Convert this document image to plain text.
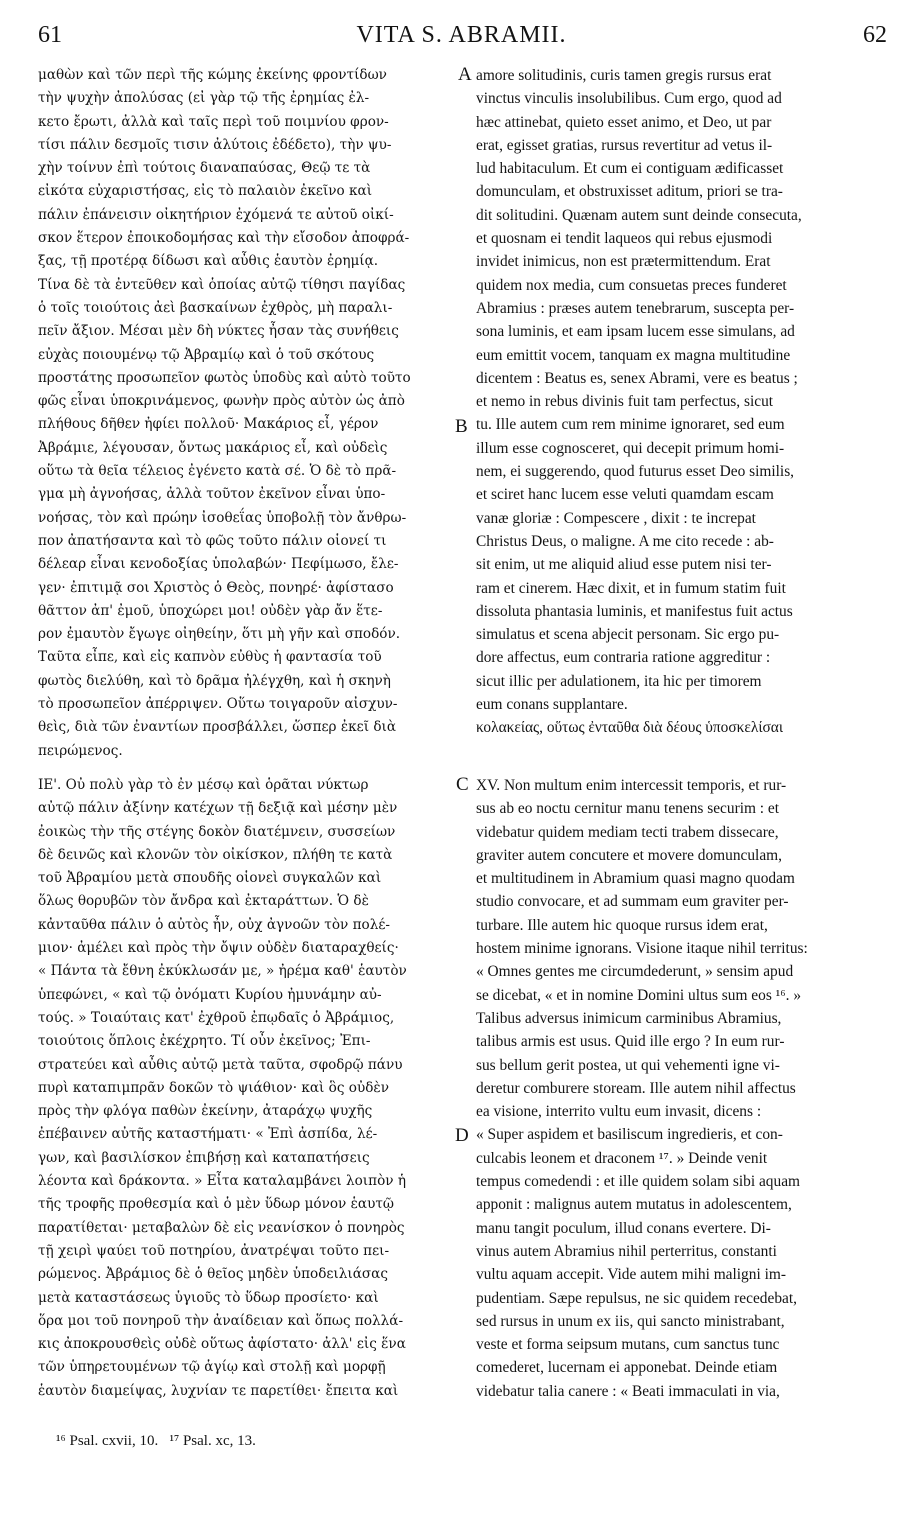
61	VITA S. ABRAMII.	62
A
B
C
D
μαθὼν καὶ τῶν περὶ τῆς κώμης ἐκείνης φροντίδων
τὴν ψυχὴν ἀπολύσας (εἰ γὰρ τῷ τῆς ἐρημίας ἐλ-
κετο ἔρωτι, ἀλλὰ καὶ ταῖς περὶ τοῦ ποιμνίου φρον-
τίσι πάλιν δεσμοῖς τισιν ἀλύτοις ἐδέδετο), τὴν ψυ-
χὴν τοίνυν ἐπὶ τούτοις διαναπαύσας, Θεῷ τε τὰ
εἰκότα εὐχαριστήσας, εἰς τὸ παλαιὸν ἐκεῖνο καὶ
πάλιν ἐπάνεισιν οἰκητήριον ἐχόμενά τε αὐτοῦ οἰκί-
σκον ἕτερον ἐποικοδομήσας καὶ τὴν εἴσοδον ἀποφρά-
ξας, τῇ προτέρᾳ δίδωσι καὶ αὖθις ἑαυτὸν ἐρημίᾳ.
Τίνα δὲ τὰ ἐντεῦθεν καὶ ὁποίας αὐτῷ τίθησι παγίδας
ὁ τοῖς τοιούτοις ἀεὶ βασκαίνων ἐχθρὸς, μὴ παραλι-
πεῖν ἄξιον. Μέσαι μὲν δὴ νύκτες ἦσαν τὰς συνήθεις
εὐχὰς ποιουμένῳ τῷ Ἀβραμίῳ καὶ ὁ τοῦ σκότους
προστάτης προσωπεῖον φωτὸς ὑποδὺς καὶ αὐτὸ τοῦτο
φῶς εἶναι ὑποκρινάμενος, φωνὴν πρὸς αὐτὸν ὡς ἀπὸ
πλήθους δῆθεν ἠφίει πολλοῦ· Μακάριος εἶ, γέρον
Ἀβράμιε, λέγουσαν, ὄντως μακάριος εἶ, καὶ οὐδεὶς
οὕτω τὰ θεῖα τέλειος ἐγένετο κατὰ σέ. Ὁ δὲ τὸ πρᾶ-
γμα μὴ ἀγνοήσας, ἀλλὰ τοῦτον ἐκεῖνον εἶναι ὑπο-
νοήσας, τὸν καὶ πρώην ἰσοθεΐας ὑποβολῇ τὸν ἄνθρω-
πον ἀπατήσαντα καὶ τὸ φῶς τοῦτο πάλιν οἱονεί τι
δέλεαρ εἶναι κενοδοξίας ὑπολαβών· Πεφίμωσο, ἔλε-
γεν· ἐπιτιμᾷ σοι Χριστὸς ὁ Θεὸς, πονηρέ· ἀφίστασο
θᾶττον ἀπ' ἐμοῦ, ὑποχώρει μοι! οὐδὲν γὰρ ἄν ἕτε-
ρον ἐμαυτὸν ἔγωγε οἰηθείην, ὅτι μὴ γῆν καὶ σποδόν.
Ταῦτα εἶπε, καὶ εἰς καπνὸν εὐθὺς ἡ φαντασία τοῦ
φωτὸς διελύθη, καὶ τὸ δρᾶμα ἠλέγχθη, καὶ ἡ σκηνὴ
τὸ προσωπεῖον ἀπέρριψεν. Οὕτω τοιγαροῦν αἰσχυν-
θεὶς, διὰ τῶν ἐναντίων προσβάλλει, ὥσπερ ἐκεῖ διὰ
πειρώμενος.
amore solitudinis, curis tamen gregis rursus erat
vinctus vinculis insolubilibus. Cum ergo, quod ad
hæc attinebat, quieto esset animo, et Deo, ut par
erat, egisset gratias, rursus revertitur ad vetus il-
lud habitaculum. Et cum ei contiguam ædificasset
domunculam, et obstruxisset aditum, priori se tra-
dit solitudini. Quænam autem sunt deinde consecuta,
et quosnam ei tendit laqueos qui rebus ejusmodi
invidet inimicus, non est prætermittendum. Erat
quidem nox media, cum consuetas preces funderet
Abramius : præses autem tenebrarum, suscepta per-
sona luminis, et eam ipsam lucem esse simulans, ad
eum emittit vocem, tanquam ex magna multitudine
dicentem : Beatus es, senex Abrami, vere es beatus ;
et nemo in rebus divinis fuit tam perfectus, sicut
tu. Ille autem cum rem minime ignoraret, sed eum
illum esse cognosceret, qui decepit primum homi-
nem, ei suggerendo, quod futurus esset Deo similis,
et sciret hanc lucem esse veluti quamdam escam
vanæ gloriæ : Compescere , dixit : te increpat
Christus Deus, o maligne. A me cito recede : ab-
sit enim, ut me aliquid aliud esse putem nisi ter-
ram et cinerem. Hæc dixit, et in fumum statim fuit
dissoluta phantasia luminis, et manifestus fuit actus
simulatus et scena abjecit personam. Sic ergo pu-
dore affectus, eum contraria ratione aggreditur :
sicut illic per adulationem, ita hic per timorem
eum conans supplantare.
κολακείας, οὕτως ἐνταῦθα διὰ δέους ὑποσκελίσαι
ΙΕ'. Οὐ πολὺ γὰρ τὸ ἐν μέσῳ καὶ ὁρᾶται νύκτωρ
αὐτῷ πάλιν ἀξίνην κατέχων τῇ δεξιᾷ καὶ μέσην μὲν
ἐοικὼς τὴν τῆς στέγης δοκὸν διατέμνειν, συσσείων
δὲ δεινῶς καὶ κλονῶν τὸν οἰκίσκον, πλήθη τε κατὰ
τοῦ Ἀβραμίου μετὰ σπουδῆς οἱονεὶ συγκαλῶν καὶ
ὅλως θορυβῶν τὸν ἄνδρα καὶ ἐκταράττων. Ὁ δὲ
κἀνταῦθα πάλιν ὁ αὐτὸς ἦν, οὐχ ἀγνοῶν τὸν πολέ-
μιον· ἀμέλει καὶ πρὸς τὴν ὄψιν οὐδὲν διαταραχθείς·
« Πάντα τὰ ἔθνη ἐκύκλωσάν με, » ἠρέμα καθ' ἑαυτὸν
ὑπεφώνει, « καὶ τῷ ὀνόματι Κυρίου ἠμυνάμην αὐ-
τούς. » Τοιαύταις κατ' ἐχθροῦ ἐπῳδαῖς ὁ Ἀβράμιος,
τοιούτοις ὅπλοις ἐκέχρητο. Τί οὖν ἐκεῖνος; Ἐπι-
στρατεύει καὶ αὖθις αὐτῷ μετὰ ταῦτα, σφοδρῷ πάνυ
πυρὶ καταπιμπρᾶν δοκῶν τὸ ψιάθιον· καὶ ὃς οὐδὲν
πρὸς τὴν φλόγα παθὼν ἐκείνην, ἀταράχῳ ψυχῆς
ἐπέβαινεν αὐτῆς καταστήματι· « Ἐπὶ ἀσπίδα, λέ-
γων, καὶ βασιλίσκον ἐπιβήσῃ καὶ καταπατήσεις
λέοντα καὶ δράκοντα. » Εἶτα καταλαμβάνει λοιπὸν ἡ
τῆς τροφῆς προθεσμία καὶ ὁ μὲν ὕδωρ μόνον ἑαυτῷ
παρατίθεται· μεταβαλὼν δὲ εἰς νεανίσκον ὁ πονηρὸς
τῇ χειρὶ ψαύει τοῦ ποτηρίου, ἀνατρέψαι τοῦτο πει-
ρώμενος. Ἀβράμιος δὲ ὁ θεῖος μηδὲν ὑποδειλιάσας
μετὰ καταστάσεως ὑγιοῦς τὸ ὕδωρ προσίετο· καὶ
ὅρα μοι τοῦ πονηροῦ τὴν ἀναίδειαν καὶ ὅπως πολλά-
κις ἀποκρουσθεὶς οὐδὲ οὕτως ἀφίστατο· ἀλλ' εἰς ἕνα
τῶν ὑπηρετουμένων τῷ ἁγίῳ καὶ στολῇ καὶ μορφῇ
ἑαυτὸν διαμείψας, λυχνίαν τε παρετίθει· ἔπειτα καὶ
XV. Non multum enim intercessit temporis, et rur-
sus ab eo noctu cernitur manu tenens securim : et
videbatur quidem mediam tecti trabem dissecare,
graviter autem concutere et movere domunculam,
et multitudinem in Abramium quasi magno quodam
studio convocare, et ad summam eum graviter per-
turbare. Ille autem hic quoque rursus idem erat,
hostem minime ignorans. Visione itaque nihil territus:
« Omnes gentes me circumdederunt, » sensim apud
se dicebat, « et in nomine Domini ultus sum eos ¹⁶. »
Talibus adversus inimicum carminibus Abramius,
talibus armis est usus. Quid ille ergo ? In eum rur-
sus bellum gerit postea, ut qui vehementi igne vi-
deretur comburere stoream. Ille autem nihil affectus
ea visione, interrito vultu eum invasit, dicens :
« Super aspidem et basiliscum ingredieris, et con-
culcabis leonem et draconem ¹⁷. » Deinde venit
tempus comedendi : et ille quidem solam sibi aquam
apponit : malignus autem mutatus in adolescentem,
manu tangit poculum, illud conans evertere. Di-
vinus autem Abramius nihil perterritus, constanti
vultu aquam accepit. Vide autem mihi maligni im-
pudentiam. Sæpe repulsus, ne sic quidem recedebat,
sed rursus in unum ex iis, qui sancto ministrabant,
veste et forma seipsum mutans, cum sanctus tunc
comederet, lucernam ei apponebat. Deinde etiam
videbatur talia canere : « Beati immaculati in via,
¹⁶ Psal. cxvii, 10.   ¹⁷ Psal. xc, 13.
